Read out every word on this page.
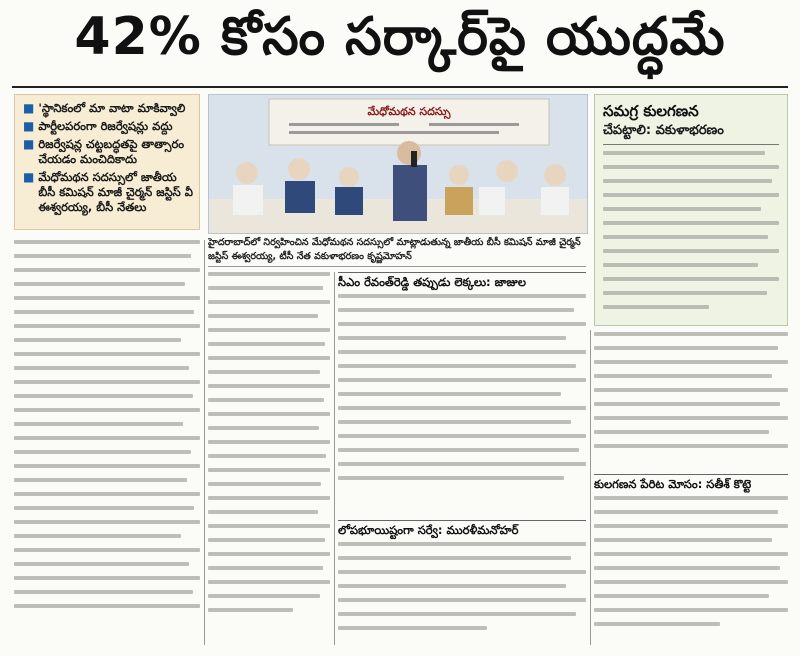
42% కోసం సర్కార్‌పై యుద్ధమే
■ 'స్థానికంలో మా వాటా మాకివ్వాలి
■ పార్టీలపరంగా రిజర్వేషన్లు వద్దు
■ రిజర్వేషన్ల చట్టబద్ధతపై తాత్సారం చేయడం మంచిదికాదు
■ మేధోమథన సదస్సులో జాతీయ బీసీ కమిషన్ మాజీ చైర్మన్ జస్టిస్ వీ ఈశ్వరయ్య, బీసీ నేతలు
మేధోమథన సదస్సు
హైదరాబాద్‌లో నిర్వహించిన మేధోమథన సదస్సులో మాట్లాడుతున్న జాతీయ బీసీ కమిషన్ మాజీ చైర్మన్ జస్టిస్ ఈశ్వరయ్య, టీసీ నేత వకుళాభరణం కృష్ణమోహన్
సమగ్ర కులగణన
చేపట్టాలి: వకుళాభరణం
సీఎం రేవంత్‌రెడ్డి తప్పుడు లెక్కలు: జాజుల
లోపభూయిష్టంగా సర్వే: మురళీమనోహర్
కులగణన పేరిట మోసం: సతీశ్ కొట్టె
